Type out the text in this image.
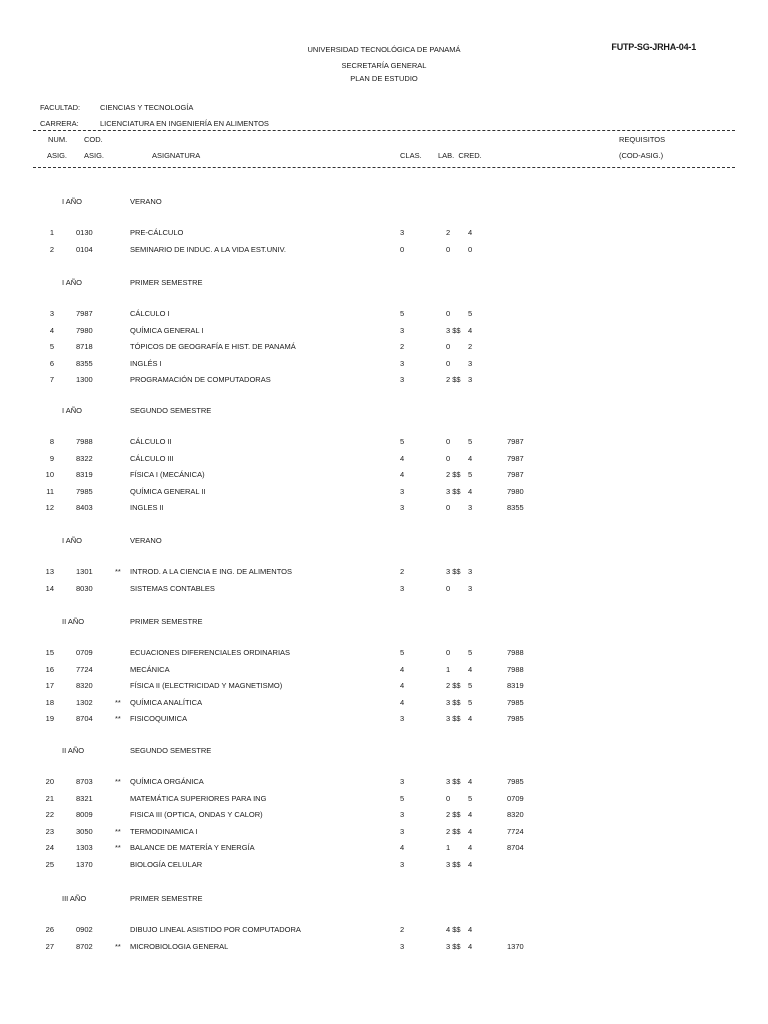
UNIVERSIDAD TECNOLÓGICA DE PANAMÁ
SECRETARÍA GENERAL
PLAN DE ESTUDIO
FUTP-SG-JRHA-04-1
FACULTAD:	CIENCIAS Y TECNOLOGÍA
CARRERA:	LICENCIATURA EN INGENIERÍA EN ALIMENTOS
NUM. COD.	REQUISITOS
ASIG. ASIG.	ASIGNATURA	CLAS. LAB.  CRED.	(COD-ASIG.)
I AÑO	VERANO
1	0130	PRE-CÁLCULO	3	2 4
2	0104	SEMINARIO DE INDUC. A LA VIDA EST.UNIV.	0	0 0
I AÑO	PRIMER SEMESTRE
3	7987	CÁLCULO I	5	0 5
4	7980	QUÍMICA GENERAL I	3	3 $$ 4
5	8718	TÓPICOS DE GEOGRAFÍA E HIST. DE PANAMÁ	2	0 2
6	8355	INGLÉS I	3	0 3
7	1300	PROGRAMACIÓN DE COMPUTADORAS	3	2 $$ 3
I AÑO	SEGUNDO SEMESTRE
8	7988	CÁLCULO II	5	0 5	7987
9	8322	CÁLCULO III	4	0 4	7987
10	8319	FÍSICA I (MECÁNICA)	4	2 $$ 5	7987
11	7985	QUÍMICA GENERAL II	3	3 $$ 4	7980
12	8403	INGLES II	3	0 3	8355
I AÑO	VERANO
13	1301	** INTROD. A LA CIENCIA E ING. DE ALIMENTOS	2	3 $$ 3
14	8030	SISTEMAS CONTABLES	3	0 3
II AÑO	PRIMER SEMESTRE
15	0709	ECUACIONES DIFERENCIALES ORDINARIAS	5	0 5	7988
16	7724	MECÁNICA	4	1 4	7988
17	8320	FÍSICA II (ELECTRICIDAD Y MAGNETISMO)	4	2 $$ 5	8319
18	1302	** QUÍMICA ANALÍTICA	4	3 $$ 5	7985
19	8704	** FISICOQUIMICA	3	3 $$ 4	7985
II AÑO	SEGUNDO SEMESTRE
20	8703	** QUÍMICA ORGÁNICA	3	3 $$ 4	7985
21	8321	MATEMÁTICA SUPERIORES PARA ING	5	0 5	0709
22	8009	FISICA III (OPTICA, ONDAS Y CALOR)	3	2 $$ 4	8320
23	3050	** TERMODINAMICA I	3	2 $$ 4	7724
24	1303	** BALANCE DE MATERÍA Y ENERGÍA	4	1 4	8704
25	1370	BIOLOGÍA CELULAR	3	3 $$ 4
III AÑO	PRIMER SEMESTRE
26	0902	DIBUJO LINEAL ASISTIDO POR COMPUTADORA	2	4 $$ 4
27	8702	** MICROBIOLOGIA GENERAL	3	3 $$ 4	1370
